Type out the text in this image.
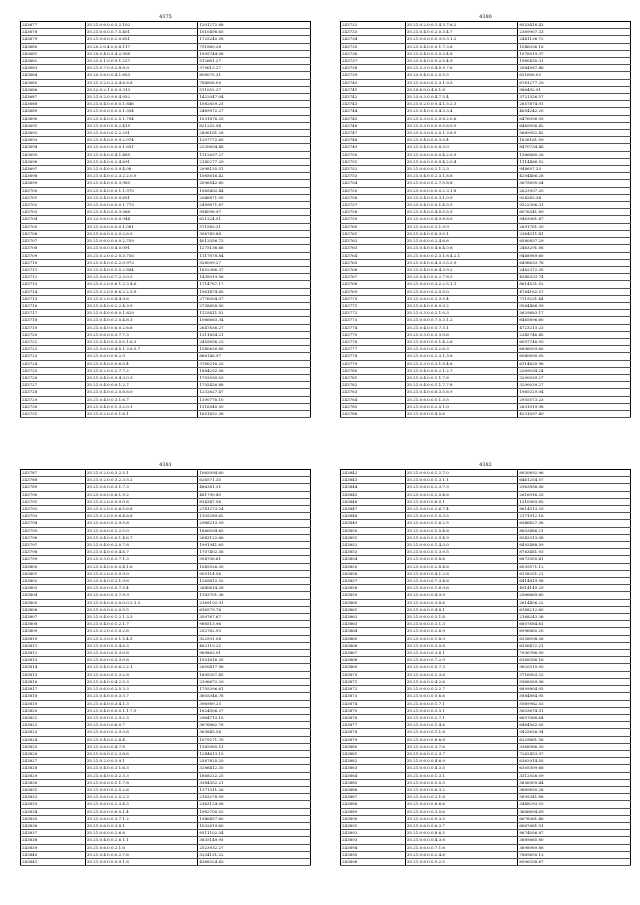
4375
243677	35.21.0.6.0.0.3.2.102	1201272.88
243678	35.21.0.6.0.0.7.5.401	1010498.65
243679	35.21.0.6.0.0.2.0.651	1725245.58
243680	35.20.2.0.4.0.0.8.117	791860.28
243681	35.20.5.4.0.5.4.2.908	1005744.08
243682	35.21.0.1.0.0.9.1.227	512661.27
243683	35.21.0.7.0.9.2.8.8.9	379613.27
243684	35.20.3.6.0.0.4.1.853	808075.31
243685	35.21.3.2.0.2.3.4.6.8.8	784808.09
243686	35.22.0.2.1.0.0.9.313	511052.27
243687	35.21.0.2.0.9.0.4.052	1422047.04
243688	35.21.0.4.0.0.0.0.1.846	1082859.25
243689	35.21.0.6.0.0.0.0.1.354	2469972.27
243690	35.21.0.4.0.0.2.5.1.704	1031876.25
243691	35.21.0.6.0.0.8.2.415	821232.94
243692	35.21.0.6.0.0.2.2.291	2806161.28
243693	35.21.0.4.0.0.0.9.2.974	1207772.65
243694	35.21.0.6.0.0.0.0.1.651	2230654.48
243695	35.21.0.4.0.0.4.1.485	1112637.27
243696	35.21.0.4.0.0.2.4.691	2140277.29
243697	35.21.0.4.0.0.3.9.4.08	2098135.51
243698	35.21.0.4.0.0.2.3.2.2.0.9	1085616.42
243699	35.21.0.4.0.0.0.3.985	2096542.60
243700	35.21.0.4.0.0.0.1.1.975	1065402.44
243701	35.21.0.4.0.0.0.0.651	2046871.05
243702	35.21.0.6.0.0.0.0.1.773	2499871.67
243703	35.21.0.4.0.0.0.3.068	994098.97
243704	35.22.0.6.0.0.0.0.944	621224.51
243705	35.21.0.6.0.0.0.0.1.081	571583.21
243706	35.21.0.6.0.0.2.0.2.6.9	306749.88
243707	35.21.0.6.0.0.0.0.2.759	4013356.73
243708	35.21.0.6.0.0.4.0.091	1275136.66
243709	35.21.0.2.0.0.2.0.3.716	1117878.84
243710	35.21.0.4.0.0.2.2.0.973	926099.27
243711	35.21.0.4.0.0.1.0.2.804	1652386.37
243712	35.21.0.6.0.0.7.2.3.0.2	1438019.56
243713	35.21.0.2.0.0.6.1.2.3.4.6	1714767.17
243714	35.21.0.2.0.0.6.6.2.2.3.9	1961474.65
243715	35.21.0.2.0.0.4.4.9.6	2776504.07
243716	35.21.0.4.0.0.2.2.4.3.9	2738858.50
243717	35.21.0.4.0.0.0.0.1.829	1125411.52
243718	35.21.0.4.0.0.2.5.4.6.3	1066663.34
243719	35.21.0.4.0.0.6.0.2.6.6	2647836.27
243720	35.21.0.6.0.0.3.7.7.3	1311654.21
243721	35.21.0.4.0.0.3.0.0.1.6.3	2455836.23
243722	35.21.0.6.0.0.4.0.1.3.6.3.7	1540626.85
243723	35.21.0.6.0.0.8.2.9	866146.97
243724	35.21.0.4.0.0.0.6.0.4	3760216.20
243725	35.21.0.2.0.0.2.7.7.2	1884292.56
243726	35.21.0.4.0.0.9.4.3.0.3	1793930.03
243727	35.21.0.4.0.0.0.1.2.7	1755426.88
243728	35.21.0.4.0.0.2.0.6.6.0	1232627.47
243729	35.21.0.4.0.0.3.1.6.7	1190776.10
243730	35.21.0.4.0.0.1.3.2.0.1	1116540.50
243731	35.21.0.2.0.0.0.1.6.1	1651852.36
4380
243732	35.21.0.2.0.0.1.4.3.7.6.2	8533416.43
243733	35.21.0.4.0.0.2.0.3.4.7	2369907.33
243734	35.21.0.6.0.0.0.3.0.3.1.2	2441136.72
243735	35.21.0.4.0.0.0.1.7.3.6	1046336.16
243736	35.21.0.4.0.0.3.0.3.4.8	1078519.37
243737	35.21.0.4.0.0.9.2.0.4.9	1980430.31
243738	35.21.0.3.0.0.4.0.9.7.6	2064587.46
243739	35.23.0.4.0.0.2.0.5.5	631606.03
243740	35.21.0.6.0.0.2.3.1.9.5	6781277.29
243741	35.20.6.0.0.4.0.1.8	986492.91
243742	35.23.0.3.0.0.4.7.3.4	3721326.57
243743	35.21.0.2.0.0.0.4.1.5.2.3	2657874.91
243744	35.21.0.4.0.0.3.4.3.3.4	4654242.20
243745	35.21.0.3.0.0.2.0.8.2.0.6	6476936.93
243746	35.21.0.3.0.0.0.0.5.8.0.9	6489956.42
243747	35.21.0.3.0.0.2.0.1.3.8.9	5669952.42
243748	35.21.0.4.0.0.0.3.9.4	1836161.59
243749	35.21.0.4.0.0.0.8.3.0	8470734.46
243750	35.21.0.6.0.0.0.0.4.2.0.9	1366660.26
243751	35.21.0.6.0.0.0.0.4.2.0.4	1114466.52
243752	35.21.0.6.0.0.2.1.2.3	948697.33
243753	35.21.0.4.0.0.2.3.1.8.8	4204466.28
243754	35.21.0.6.0.0.2.7.5.8.8	3675695.04
243755	35.21.0.6.0.0.0.0.2.3.1.8	2623937.20
243756	35.21.0.4.0.0.0.3.1.0.9	924263.34
243757	35.21.0.4.0.0.0.1.4.5.5	9322306.31
243758	35.21.0.4.0.0.4.0.5.5.5	6076341.89
243759	35.21.0.6.0.0.4.9.8.8.0	9463061.47
243760	35.21.0.6.0.0.3.1.9.9	2691761.39
243761	35.21.0.4.0.0.8.3.0.1	2364011.41
243762	35.21.0.6.0.0.2.4.6.6	6580837.29
243763	35.21.0.4.0.0.4.6.4.0.8	2463291.56
243764	35.21.0.6.0.0.2.3.1.8.4.2.1	9468989.60
243765	35.21.0.4.0.0.4.3.3.5.5.9	6496633.76
243766	35.21.0.4.0.0.6.4.3.9.2	2482372.35
243767	35.21.0.4.0.0.0.2.7.8.3	4948333.74
243768	35.21.0.6.0.0.3.2.2.5.1.1	8614531.52
243769	35.21.0.6.0.0.2.0.5.0	4764162.57
243770	35.21.0.6.0.0.3.3.5.4	7119231.44
243771	35.21.0.4.0.0.8.0.9.2	9584466.99
243772	35.21.0.3.0.0.2.1.0.3	5629683.17
243773	35.21.0.6.0.0.7.0.3.1.2	6465896.60
243774	35.21.0.4.0.0.5.7.3.1	4723213.23
243775	35.21.0.3.0.0.3.3.0.6	2345746.45
243776	35.21.0.6.0.0.0.1.4.2.6	6057746.93
243777	35.21.0.6.0.0.3.2.6.3	6696059.60
243778	35.21.0.6.0.0.2.3.1.3.8	6040690.95
243779	35.21.0.3.0.0.3.1.0.4.6	6114620.96
243780	35.21.0.4.0.0.0.2.1.2.7	2269034.24
243781	35.21.0.4.0.0.1.1.7.8	3290039.27
243782	35.21.0.4.0.0.1.1.7.7.8	3290039.27
243783	35.21.0.4.0.0.6.3.5.6.9	1965329.04
243784	35.21.0.6.0.0.5.1.3.5	2955573.23
243785	35.21.0.6.0.0.2.5.1.0	2631019.98
243786	35.21.0.6.0.0.4.5.6	4231097.49
4381
243787	35.21.0.2.0.0.3.2.5.1	1065094.60
243788	35.21.0.2.0.0.3.2.3.5.2	626571.35
243789	35.21.0.6.0.0.3.1.7.3	486381.31
243790	35.21.0.6.0.0.6.1.9.2	481790.49
243791	35.21.0.2.0.0.0.9.0.6	814347.58
243792	35.21.0.2.0.0.5.6.5.6.8	2741273.24
243793	35.21.0.2.0.0.0.6.4.6.6	1105289.62
243794	35.21.0.6.0.0.2.9.5.8	2988213.59
243795	35.21.0.6.0.0.2.2.5.0	1666594.65
243796	35.21.0.4.0.0.0.1.4.6.7	2643122.66
243797	35.21.0.4.0.0.2.0.7.8	1991941.65
243798	35.21.0.4.0.0.0.4.6.7	1707402.36
243799	35.21.0.3.0.0.3.7.1.3	954706.61
243800	35.21.0.4.0.0.0.0.4.1.6	1049326.30
243801	35.21.0.2.0.0.5.0.9.0	905114.56
243802	35.21.0.4.0.0.2.1.9.6	1265612.32
243803	35.21.0.6.0.0.5.7.5.4	2640614.28
243804	35.21.0.6.0.0.3.7.9.9	1183701.36
243805	35.21.0.4.0.0.2.0.0.0.2.1.3	2169192.91
243806	35.21.0.6.0.0.2.0.5.5	616579.76
243807	35.21.0.4.0.0.1.2.1.3.3	359767.67
243808	35.21.0.4.0.0.1.2.1.7	966513.96
243809	35.21.0.2.0.0.1.0.2.6	252762.93
243810	35.21.0.3.0.0.0.1.5.4.5	922591.04
243811	35.21.0.6.0.0.5.4.6.3	462119.25
243812	35.21.0.6.0.0.5.3.0.8	969863.01
243813	35.21.0.6.0.0.3.3.0.8	1501616.35
243814	35.21.0.4.0.0.0.6.2.2.1	2650417.96
243815	35.21.0.6.0.0.1.3.2.8	1695357.45
243816	35.21.0.4.0.0.4.2.5.3	2396672.29
243817	35.21.0.6.0.0.2.5.3.3	1755396.61
243818	35.21.0.4.0.0.0.3.5.7	3605346.78
243819	35.21.0.4.0.0.3.4.1.3	396989.25
243820	35.21.0.4.0.0.0.0.1.1.7.9	1624006.27
243821	35.21.0.6.0.0.2.9.2.3	2964713.15
243822	35.21.0.6.0.0.6.0.7	3676862.76
243823	35.21.0.6.0.0.2.9.3.8	363845.54
243824	35.21.0.4.0.0.2.8.4	1079271.70
243825	35.21.0.6.0.0.4.7.8	1165985.51
243826	35.21.0.6.0.0.2.3.8.6	1244613.15
243827	35.21.0.2.0.0.3.9.1	2567825.20
243828	35.21.0.4.0.0.3.1.6.3	3286412.35
243829	35.21.0.4.0.0.3.2.3.3	1868222.25
243830	35.21.0.6.0.0.1.1.7.8	3384352.21
243831	35.21.0.6.0.0.2.5.2.6	1171311.26
243832	35.21.0.6.0.0.2.5.2.3	2183278.99
243833	35.21.0.6.0.0.2.3.4.5	2363124.08
243834	35.21.0.6.0.0.6.0.1.4	1982700.02
243835	35.21.0.6.0.0.3.7.1.2	1946457.60
243836	35.21.0.6.0.0.3.8.1	1032619.60
243837	35.21.0.6.0.0.2.6.8	6511102.34
243838	35.21.0.4.0.0.2.6.1.1	3635149.95
243839	35.21.0.6.0.0.2.1.6	2523932.27
243840	35.21.0.4.0.0.0.2.7.6	5234131.22
243841	35.21.0.6.0.0.0.9.1.8	4368324.43
4382
243842	35.21.0.6.0.0.1.2.7.0	8030692.96
243843	35.21.0.6.0.0.1.3.1.1	6461254.57
243844	35.21.0.6.0.0.2.3.7.3	2963856.06
243845	35.21.0.6.0.0.2.0.4.6	2616916.25
243846	35.21.0.6.0.0.6.0.1	1310963.85
243847	35.21.0.6.0.0.2.6.7.4	8614513.29
243848	35.21.0.6.0.0.1.0.3.5	2171912.18
243849	35.21.0.6.0.0.1.6.2.5	6946827.36
243850	35.21.0.6.0.0.1.5.4.8	8853486.21
243851	35.21.0.6.0.0.2.5.4.9	8343313.08
243852	35.21.0.6.0.0.1.4.3.0	6492488.59
243853	35.21.0.6.0.0.1.3.9.5	8763461.93
243854	35.21.0.6.0.0.5.8.6	6873355.41
243855	35.21.0.6.0.0.2.8.4.6	6039571.12
243856	35.21.0.6.0.0.4.1.2.8	6138351.21
243857	35.21.0.6.0.0.7.3.4.6	6414819.98
243858	35.21.0.6.0.0.1.6.9.6	4914149.29
243859	35.21.0.6.0.0.4.9.9	2566669.60
243860	35.21.0.6.0.0.3.8.6	2614406.22
243861	35.21.0.6.0.0.4.8.1	6188212.60
243862	35.21.0.6.0.0.3.1.8	2168243.36
243863	35.21.0.6.0.0.3.1.3	6807684.61
243864	35.21.0.6.0.0.2.6.9	6996865.20
243865	35.21.0.6.0.0.1.8.9	6258098.38
243866	35.21.0.6.0.0.3.0.8	6356472.21
243867	35.21.0.6.0.0.3.6.1	7936786.90
243868	35.21.0.6.0.0.7.2.9	6168356.16
243869	35.21.0.6.0.0.5.7.3	9620315.93
243870	35.21.0.6.0.0.2.3.8	3716903.23
243871	35.21.0.6.0.0.4.2.6	5968569.96
243872	35.21.0.6.0.0.2.2.7	6899804.05
243873	35.21.0.6.0.0.5.6.6	5884884.95
243874	35.21.0.6.0.0.1.7.1	5569982.53
243875	35.21.0.6.0.0.3.3.1	5633674.51
243876	35.21.0.6.0.0.2.7.1	6657068.64
243877	35.21.0.6.0.0.1.4.6	6484562.05
243878	35.21.0.6.0.0.1.1.6	9425626.94
243879	35.21.0.6.0.0.8.6.8	6229661.56
243880	35.21.0.6.0.0.3.7.6	3368986.30
243881	35.21.0.6.0.0.2.3.7	7262453.97
243882	35.21.0.6.0.0.4.6.9	6362914.05
243883	35.21.0.6.0.0.4.3.5	6305309.66
243884	35.21.0.6.0.0.1.3.1	3312926.09
243885	35.21.0.6.0.0.5.5.3	5636909.44
243886	35.21.0.6.0.0.6.3.2	3689830.28
243887	35.21.0.6.0.0.2.1.6	5695341.88
243888	35.21.0.6.0.0.6.6.6	3448293.53
243889	35.21.0.6.0.0.3.5.6	3686694.69
243890	35.21.0.6.0.0.9.3.5	6676361.46
243891	35.21.0.6.0.0.6.3.7	6687661.91
243892	35.21.0.6.0.0.8.6.5	8674056.87
243893	35.21.0.6.0.0.4.3.8	3689665.80
243894	35.21.0.6.0.0.7.1.6	3698969.86
243895	35.21.0.6.0.0.2.4.6	7869650.13
243896	35.21.0.6.0.0.9.2.5	8996338.67
